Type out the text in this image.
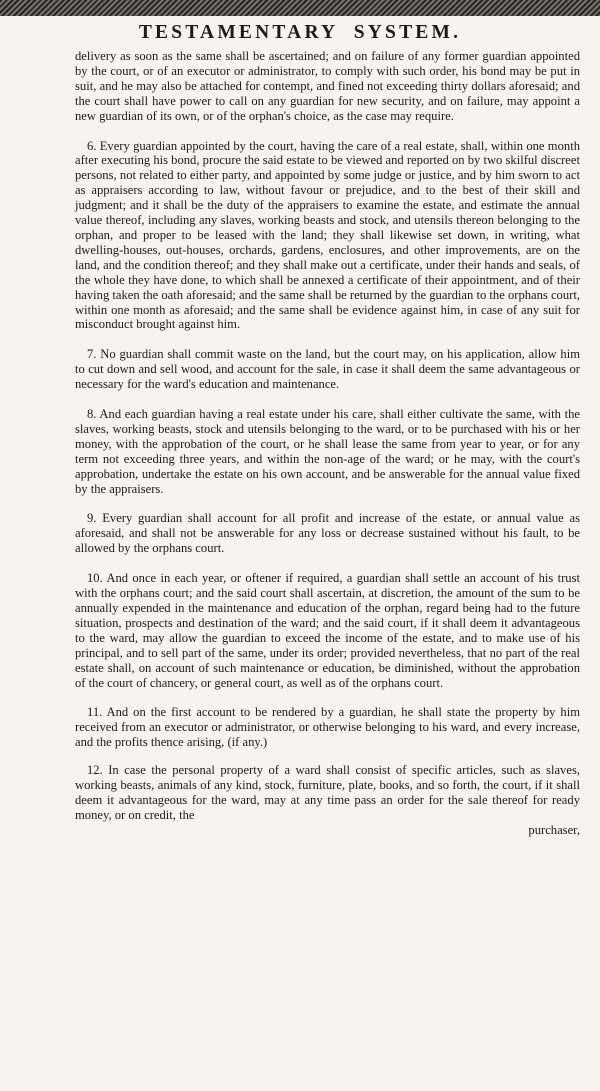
TESTAMENTARY SYSTEM.

delivery as soon as the same shall be ascertained; and on failure of any former guardian appointed by the court, or of an executor or administrator, to comply with such order, his bond may be put in suit, and he may also be attached for contempt, and fined not exceeding thirty dollars aforesaid; and the court shall have power to call on any guardian for new security, and on failure, may appoint a new guardian of its own, or of the orphan's choice, as the case may require.

6. Every guardian appointed by the court, having the care of a real estate, shall, within one month after executing his bond, procure the said estate to be viewed and reported on by two skilful discreet persons, not related to either party, and appointed by some judge or justice, and by him sworn to act as appraisers according to law, without favour or prejudice, and to the best of their skill and judgment; and it shall be the duty of the appraisers to examine the estate, and estimate the annual value thereof, including any slaves, working beasts and stock, and utensils thereon belonging to the orphan, and proper to be leased with the land; they shall likewise set down, in writing, what dwelling-houses, out-houses, orchards, gardens, enclosures, and other improvements, are on the land, and the condition thereof; and they shall make out a certificate, under their hands and seals, of the whole they have done, to which shall be annexed a certificate of their appointment, and of their having taken the oath aforesaid; and the same shall be returned by the guardian to the orphans court, within one month as aforesaid; and the same shall be evidence against him, in case of any suit for misconduct brought against him.

7. No guardian shall commit waste on the land, but the court may, on his application, allow him to cut down and sell wood, and account for the sale, in case it shall deem the same advantageous or necessary for the ward's education and maintenance.

8. And each guardian having a real estate under his care, shall either cultivate the same, with the slaves, working beasts, stock and utensils belonging to the ward, or to be purchased with his or her money, with the approbation of the court, or he shall lease the same from year to year, or for any term not exceeding three years, and within the non-age of the ward; or he may, with the court's approbation, undertake the estate on his own account, and be answerable for the annual value fixed by the appraisers.

9. Every guardian shall account for all profit and increase of the estate, or annual value as aforesaid, and shall not be answerable for any loss or decrease sustained without his fault, to be allowed by the orphans court.

10. And once in each year, or oftener if required, a guardian shall settle an account of his trust with the orphans court; and the said court shall ascertain, at discretion, the amount of the sum to be annually expended in the maintenance and education of the orphan, regard being had to the future situation, prospects and destination of the ward; and the said court, if it shall deem it advantageous to the ward, may allow the guardian to exceed the income of the estate, and to make use of his principal, and to sell part of the same, under its order; provided nevertheless, that no part of the real estate shall, on account of such maintenance or education, be diminished, without the approbation of the court of chancery, or general court, as well as of the orphans court.

11. And on the first account to be rendered by a guardian, he shall state the property by him received from an executor or administrator, or otherwise belonging to his ward, and every increase, and the profits thence arising, (if any.)

12. In case the personal property of a ward shall consist of specific articles, such as slaves, working beasts, animals of any kind, stock, furniture, plate, books, and so forth, the court, if it shall deem it advantageous for the ward, may at any time pass an order for the sale thereof for ready money, or on credit, the

purchaser,
